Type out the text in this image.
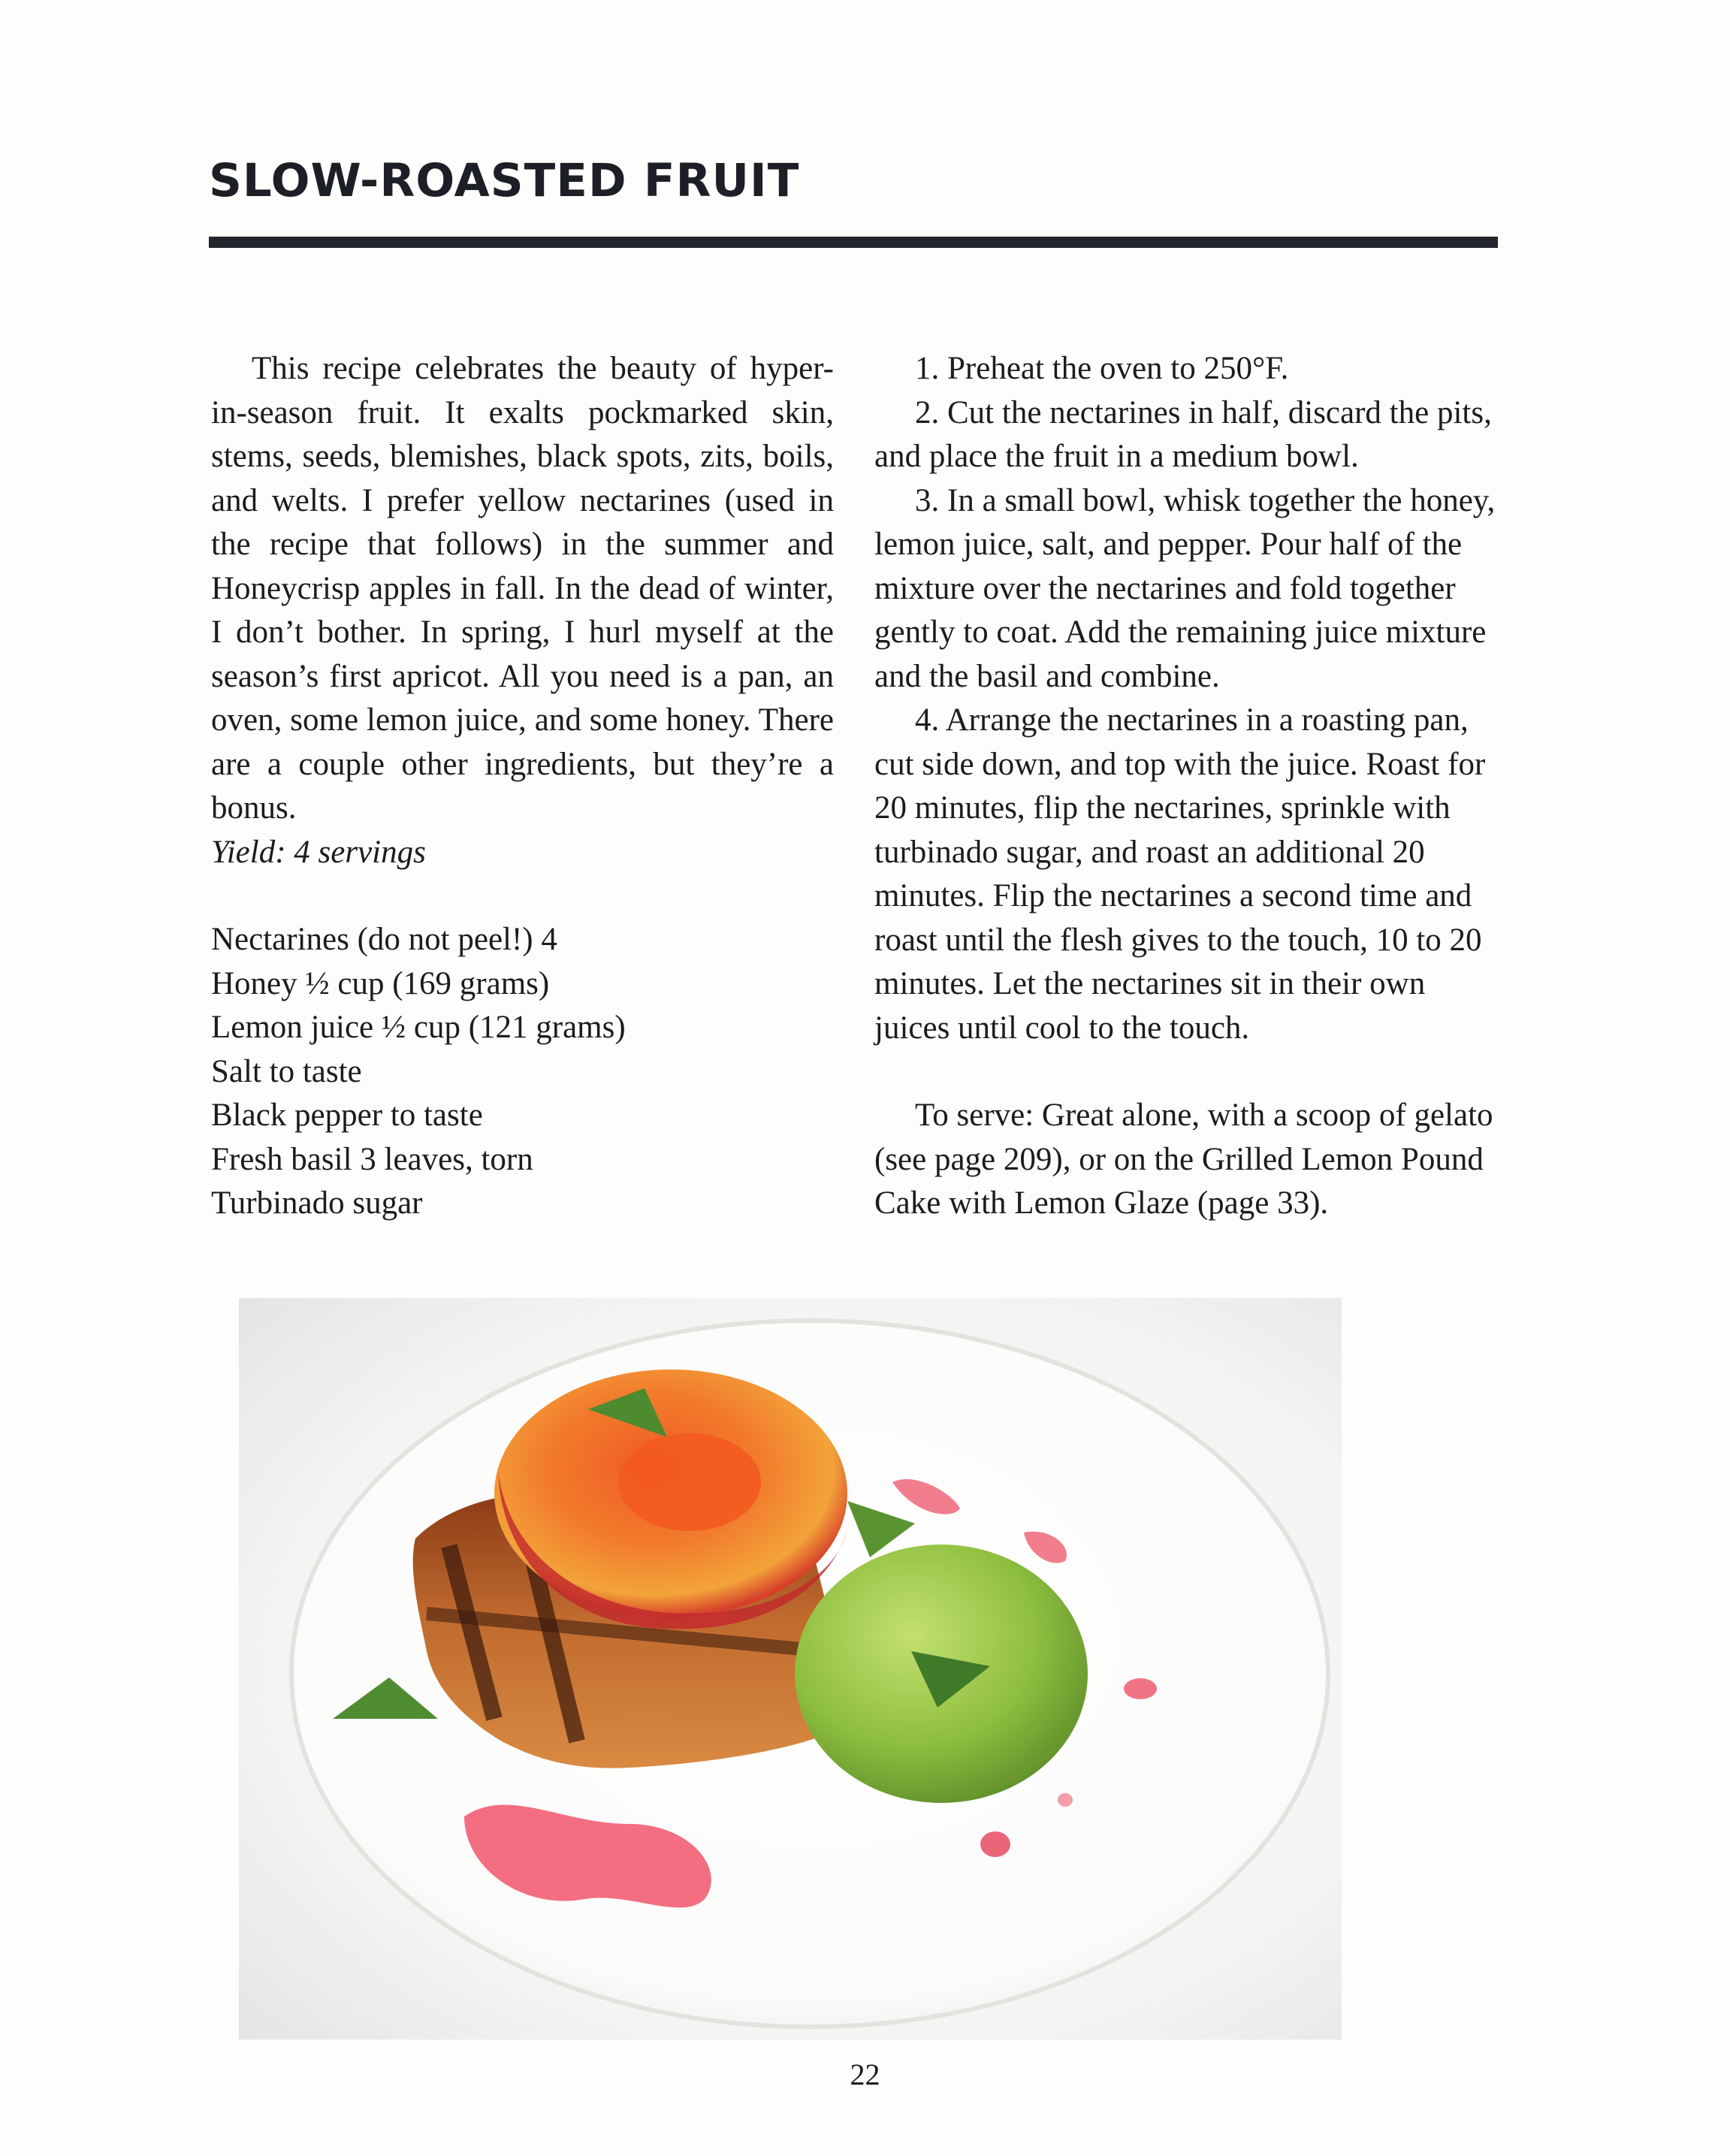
SLOW-ROASTED FRUIT

This recipe celebrates the beauty of hyper-in-season fruit. It exalts pockmarked skin, stems, seeds, blemishes, black spots, zits, boils, and welts. I prefer yellow nectarines (used in the recipe that follows) in the summer and Honeycrisp apples in fall. In the dead of winter, I don’t bother. In spring, I hurl myself at the season’s first apricot. All you need is a pan, an oven, some lemon juice, and some honey. There are a couple other ingredients, but they’re a bonus.

Yield: 4 servings

Nectarines (do not peel!) 4
Honey ½ cup (169 grams)
Lemon juice ½ cup (121 grams)
Salt to taste
Black pepper to taste
Fresh basil 3 leaves, torn
Turbinado sugar

1. Preheat the oven to 250°F.

2. Cut the nectarines in half, discard the pits, and place the fruit in a medium bowl.

3. In a small bowl, whisk together the honey, lemon juice, salt, and pepper. Pour half of the mixture over the nectarines and fold together gently to coat. Add the remaining juice mixture and the basil and combine.

4. Arrange the nectarines in a roasting pan, cut side down, and top with the juice. Roast for 20 minutes, flip the nectarines, sprinkle with turbinado sugar, and roast an additional 20 minutes. Flip the nectarines a second time and roast until the flesh gives to the touch, 10 to 20 minutes. Let the nectarines sit in their own juices until cool to the touch.

To serve: Great alone, with a scoop of gelato (see page 209), or on the Grilled Lemon Pound Cake with Lemon Glaze (page 33).

22
